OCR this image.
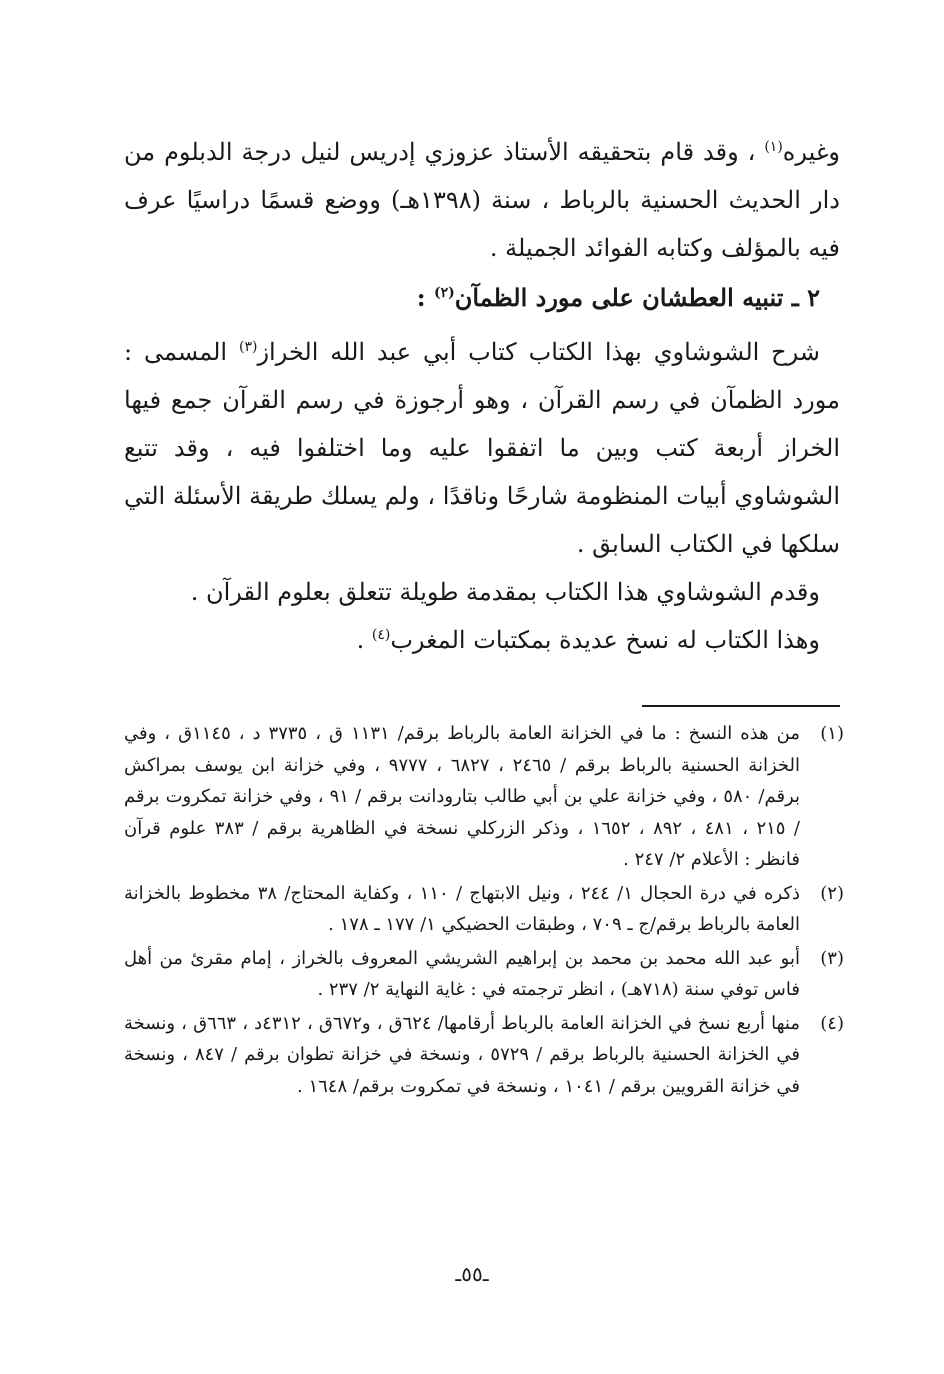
وغيره$^{(١)}$ ، وقد قام بتحقيقه الأستاذ عزوزي إدريس لنيل درجة الدبلوم من دار الحديث الحسنية بالرباط ، سنة (١٣٩٨هـ) ووضع قسمًا دراسيًا عرف فيه بالمؤلف وكتابه الفوائد الجميلة .

٢ ـ تنبيه العطشان على مورد الظمآن$^{(٢)}$ :

شرح الشوشاوي بهذا الكتاب كتاب أبي عبد الله الخراز$^{(٣)}$ المسمى : مورد الظمآن في رسم القرآن ، وهو أرجوزة في رسم القرآن جمع فيها الخراز أربعة كتب وبين ما اتفقوا عليه وما اختلفوا فيه ، وقد تتبع الشوشاوي أبيات المنظومة شارحًا وناقدًا ، ولم يسلك طريقة الأسئلة التي سلكها في الكتاب السابق .

وقدم الشوشاوي هذا الكتاب بمقدمة طويلة تتعلق بعلوم القرآن .

وهذا الكتاب له نسخ عديدة بمكتبات المغرب$^{(٤)}$ .

(١)
من هذه النسخ : ما في الخزانة العامة بالرباط برقم/ ١١٣١ ق ، ٣٧٣٥ د ، ١١٤٥ق ، وفي الخزانة الحسنية بالرباط برقم / ٢٤٦٥ ، ٦٨٢٧ ، ٩٧٧٧ ، وفي خزانة ابن يوسف بمراكش برقم/ ٥٨٠ ، وفي خزانة علي بن أبي طالب بتارودانت برقم / ٩١ ، وفي خزانة تمكروت برقم / ٢١٥ ، ٤٨١ ، ٨٩٢ ، ١٦٥٢ ، وذكر الزركلي نسخة في الظاهرية برقم / ٣٨٣ علوم قرآن فانظر : الأعلام ٢/ ٢٤٧ .
(٢)
ذكره في درة الحجال ١/ ٢٤٤ ، ونيل الابتهاج / ١١٠ ، وكفاية المحتاج/ ٣٨ مخطوط بالخزانة العامة بالرباط برقم/ج ـ ٧٠٩ ، وطبقات الحضيكي ١/ ١٧٧ ـ ١٧٨ .
(٣)
أبو عبد الله محمد بن محمد بن إبراهيم الشريشي المعروف بالخراز ، إمام مقرئ من أهل فاس توفي سنة (٧١٨هـ) ، انظر ترجمته في : غاية النهاية ٢/ ٢٣٧ .
(٤)
منها أربع نسخ في الخزانة العامة بالرباط أرقامها/ ٦٢٤ق ، و٦٧٢ق ، ٤٣١٢د ، ٦٦٣ق ، ونسخة في الخزانة الحسنية بالرباط برقم / ٥٧٢٩ ، ونسخة في خزانة تطوان برقم / ٨٤٧ ، ونسخة في خزانة القرويين برقم / ١٠٤١ ، ونسخة في تمكروت برقم/ ١٦٤٨ .
ـ٥٥ـ
